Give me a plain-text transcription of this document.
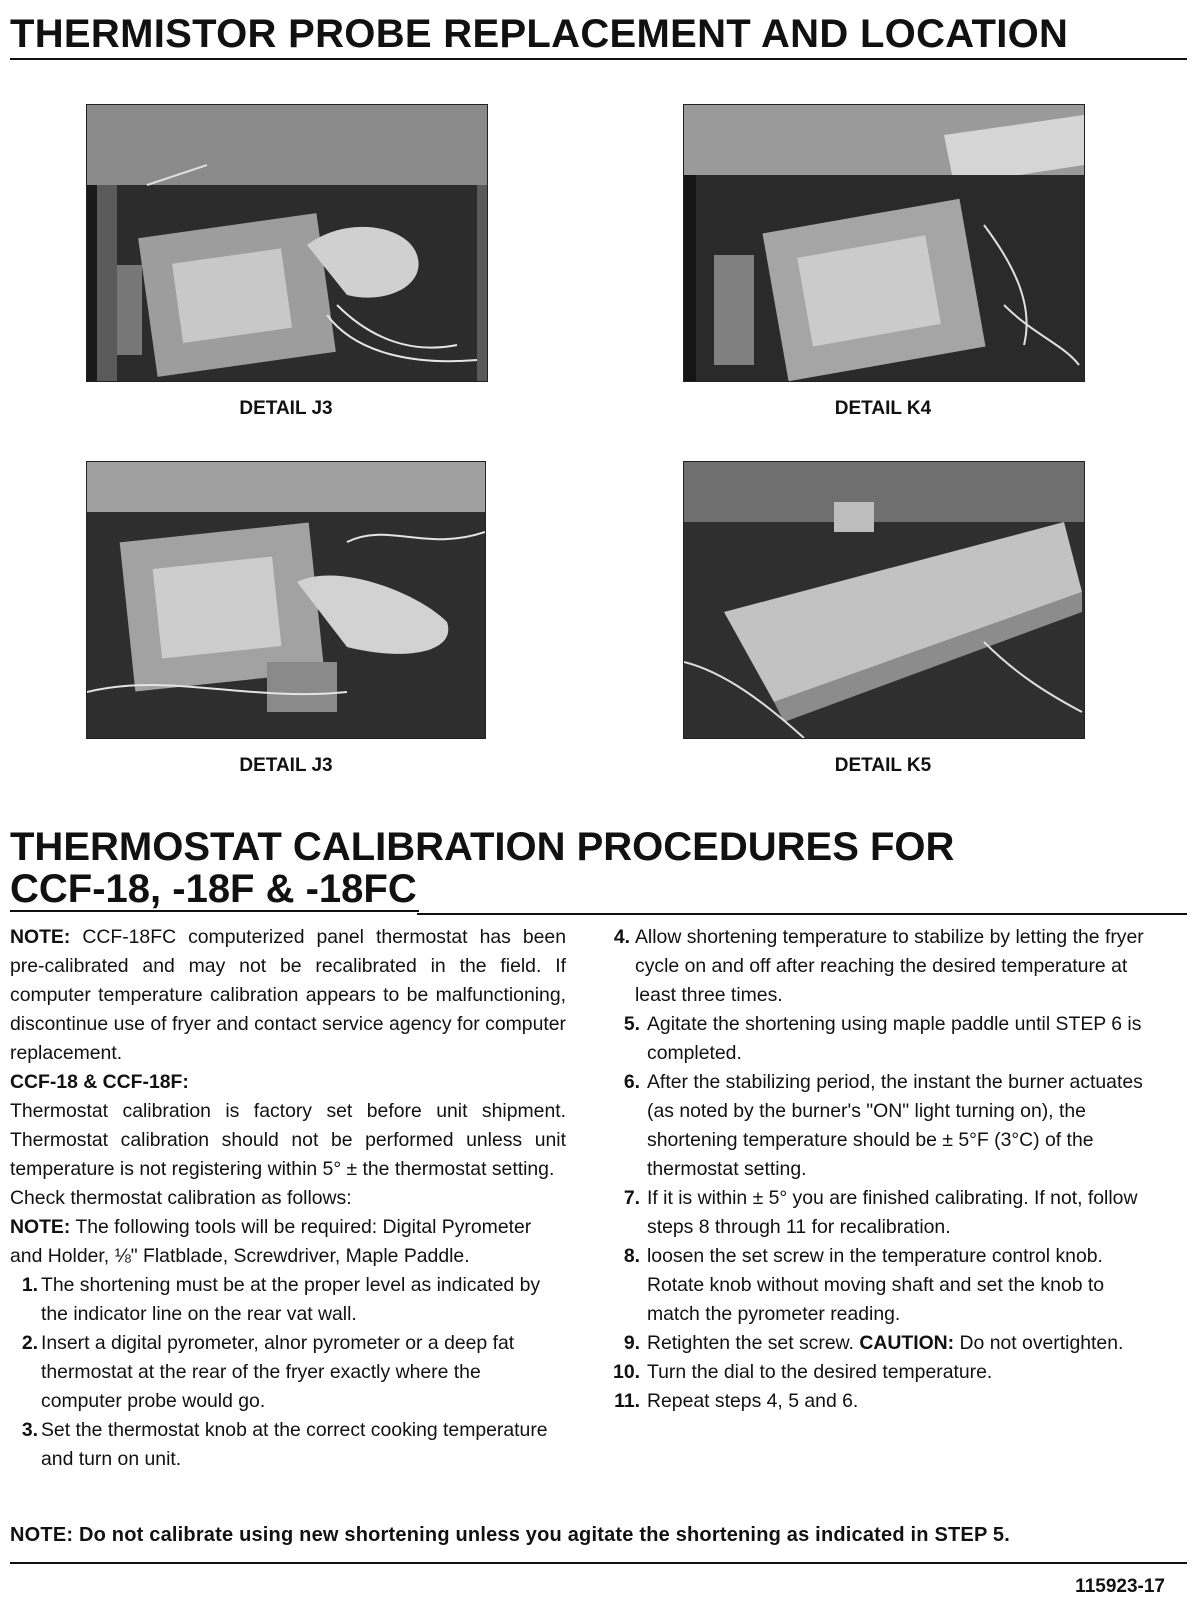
THERMISTOR PROBE REPLACEMENT AND LOCATION
DETAIL J3	DETAIL K4
DETAIL J3	DETAIL K5
THERMOSTAT CALIBRATION PROCEDURES FOR
CCF-18, -18F & -18FC

NOTE: CCF-18FC computerized panel thermostat has been pre-calibrated and may not be recalibrated in the field. If computer temperature calibration appears to be malfunctioning, discontinue use of fryer and contact service agency for computer replacement.

CCF-18 & CCF-18F:

Thermostat calibration is factory set before unit shipment. Thermostat calibration should not be performed unless unit temperature is not registering within 5° ± the thermostat setting.

Check thermostat calibration as follows:

NOTE: The following tools will be required: Digital Pyrometer and Holder, ⅛" Flatblade, Screwdriver, Maple Paddle.

1. The shortening must be at the proper level as indicated by the indicator line on the rear vat wall.
2. Insert a digital pyrometer, alnor pyrometer or a deep fat thermostat at the rear of the fryer exactly where the computer probe would go.
3. Set the thermostat knob at the correct cooking temperature and turn on unit.
4. Allow shortening temperature to stabilize by letting the fryer cycle on and off after reaching the desired temperature at least three times.
5. Agitate the shortening using maple paddle until STEP 6 is completed.
6. After the stabilizing period, the instant the burner actuates (as noted by the burner's "ON" light turning on), the shortening temperature should be ± 5°F (3°C) of the thermostat setting.
7. If it is within ± 5° you are finished calibrating. If not, follow steps 8 through 11 for recalibration.
8. loosen the set screw in the temperature control knob. Rotate knob without moving shaft and set the knob to match the pyrometer reading.
9. Retighten the set screw. CAUTION: Do not overtighten.
10. Turn the dial to the desired temperature.
11. Repeat steps 4, 5 and 6.
NOTE: Do not calibrate using new shortening unless you agitate the shortening as indicated in STEP 5.
115923-17
